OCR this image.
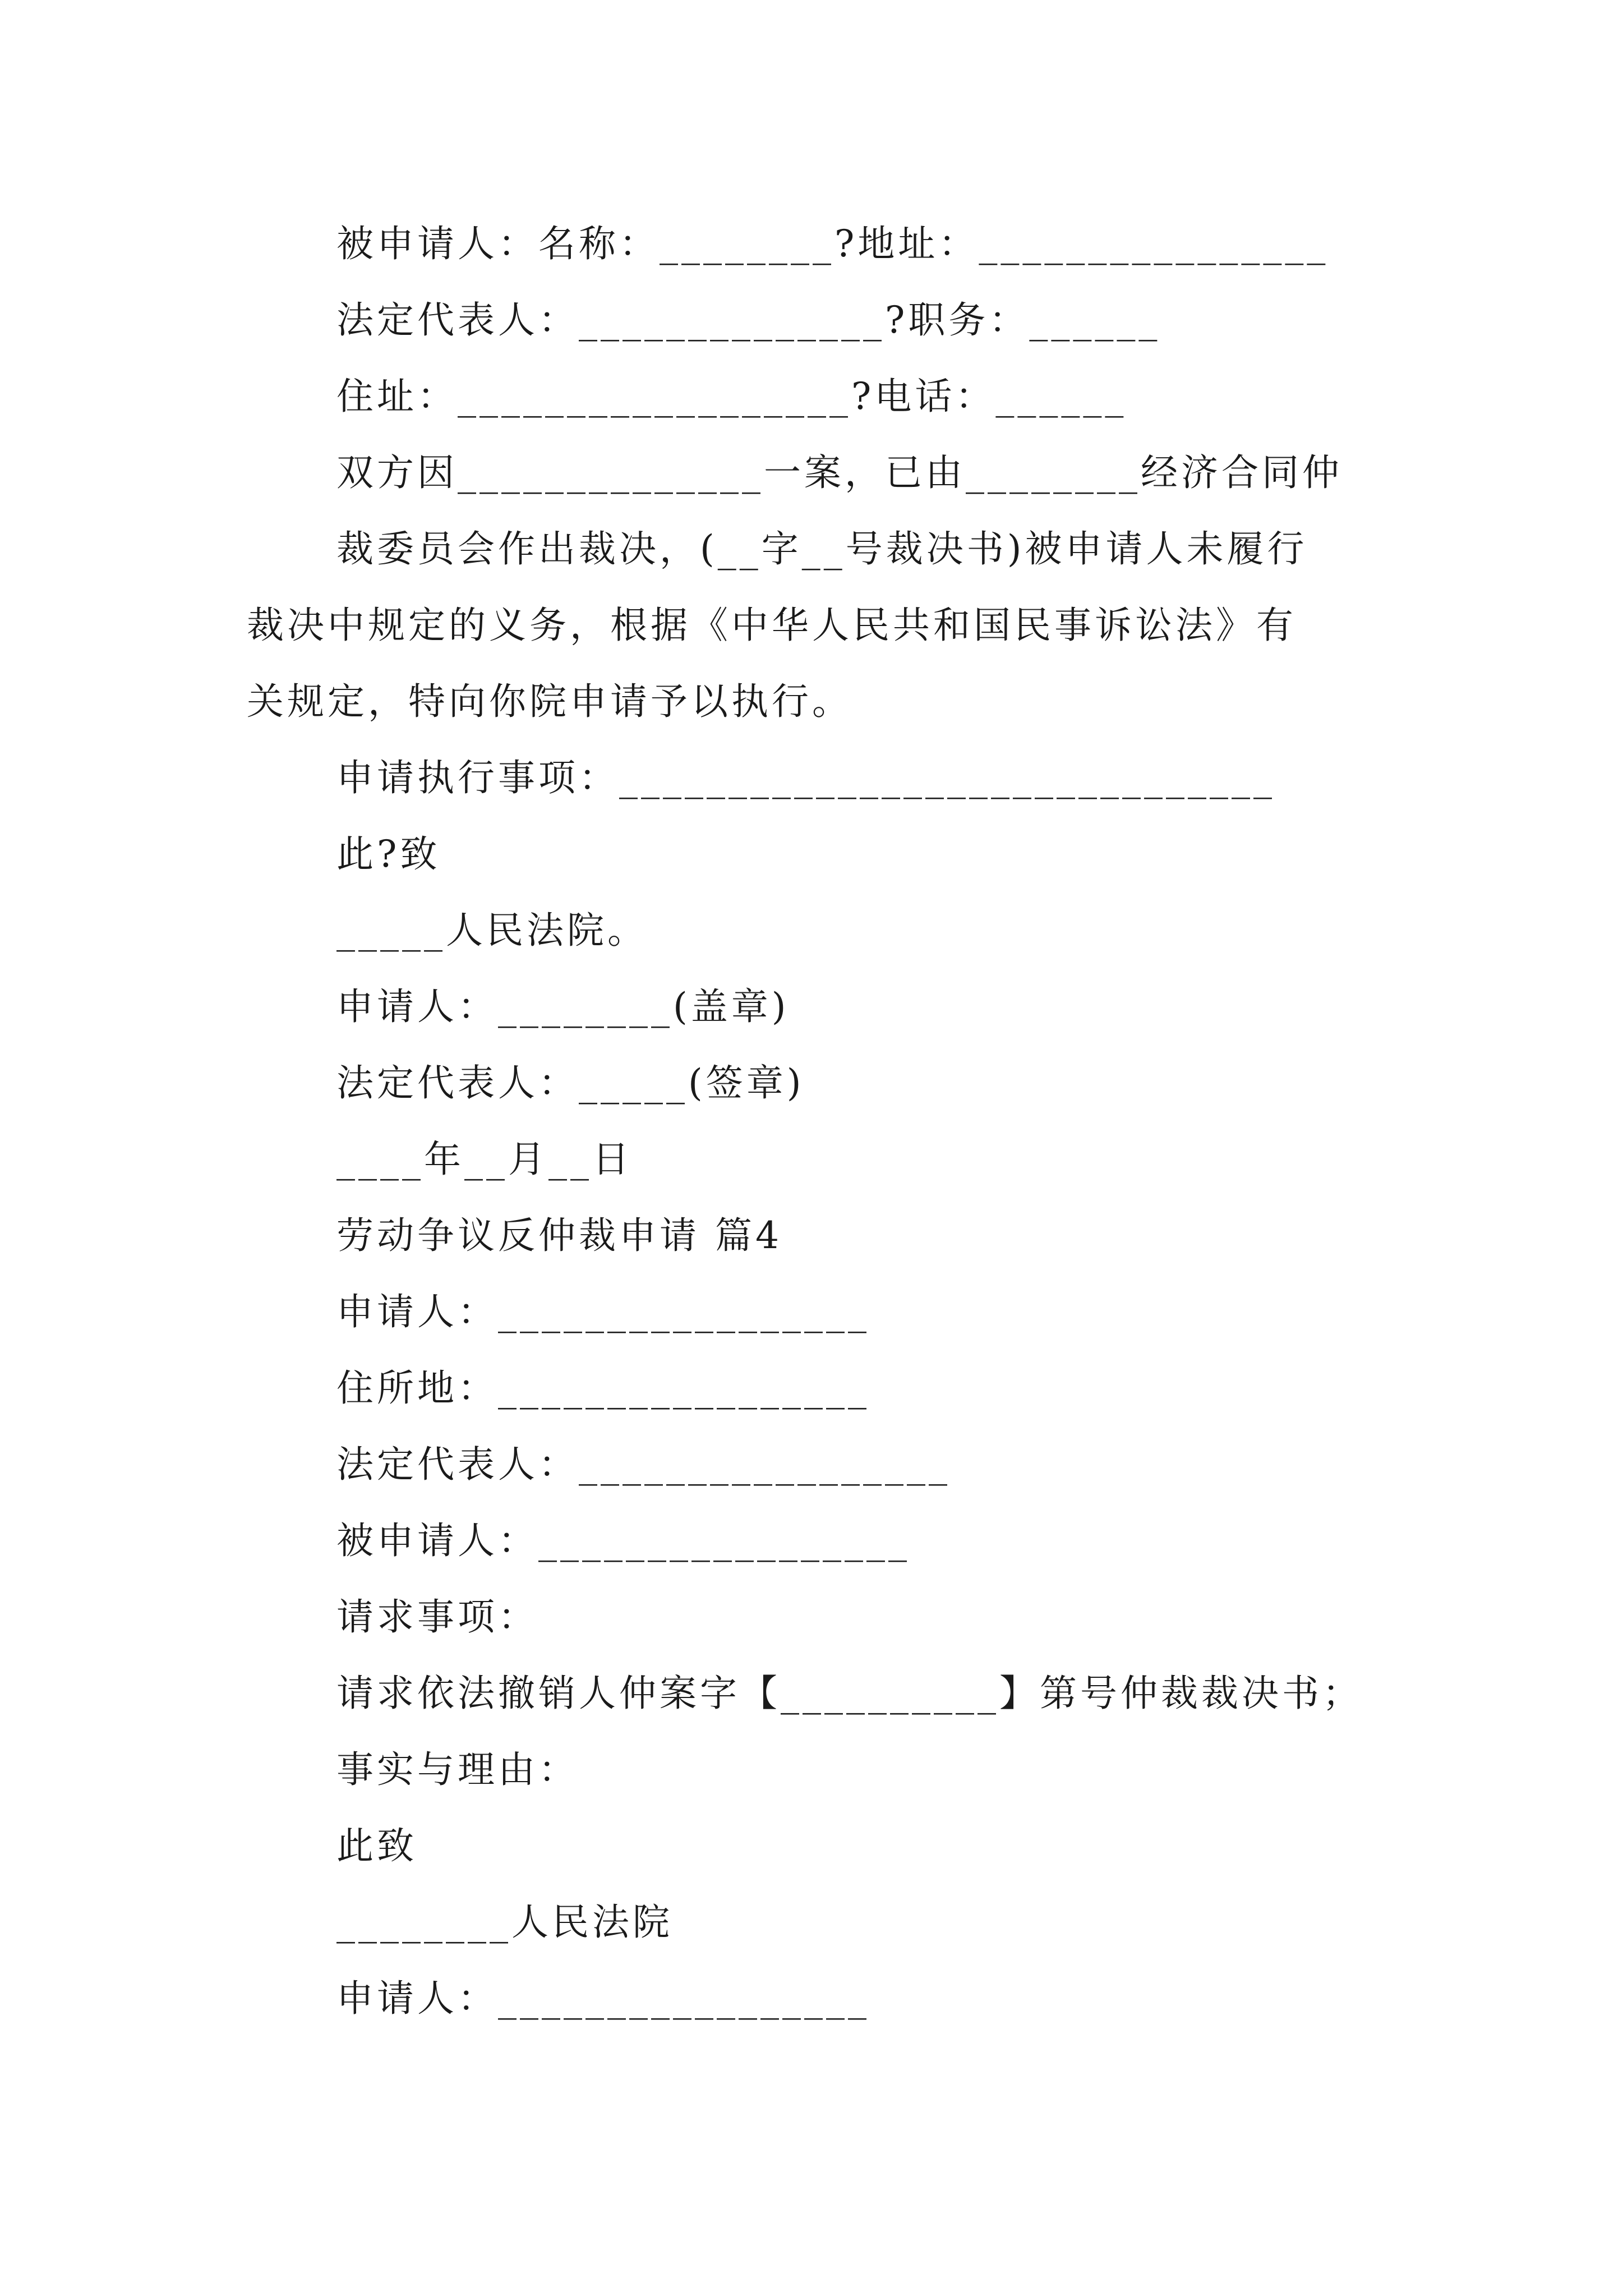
被申请人：名称：________?地址：________________
法定代表人：______________?职务：______
住址：__________________?电话：______
双方因______________一案，已由________经济合同仲
裁委员会作出裁决，(__字__号裁决书)被申请人未履行
裁决中规定的义务，根据《中华人民共和国民事诉讼法》有
关规定，特向你院申请予以执行。
申请执行事项：______________________________
此?致
_____人民法院。
申请人：________(盖章)
法定代表人：_____(签章)
____年__月__日
劳动争议反仲裁申请 篇4
申请人：_________________
住所地：_________________
法定代表人：_________________
被申请人：_________________
请求事项：
请求依法撤销人仲案字【__________】第号仲裁裁决书；
事实与理由：
此致
________人民法院
申请人：_________________
